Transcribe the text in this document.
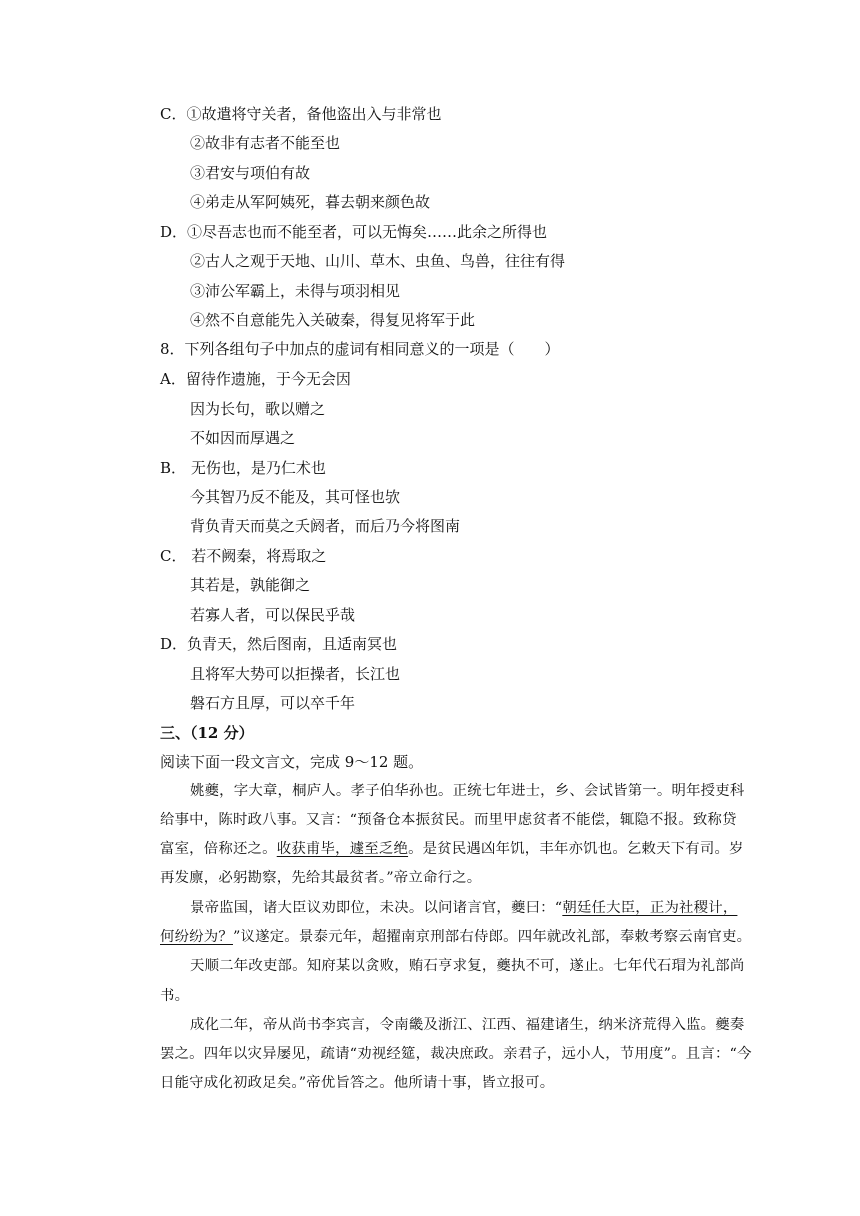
C．①故遣将守关者，备他盗出入与非常也
②故非有志者不能至也
③君安与项伯有故
④弟走从军阿姨死，暮去朝来颜色故
D．①尽吾志也而不能至者，可以无悔矣……此余之所得也
②古人之观于天地、山川、草木、虫鱼、鸟兽，往往有得
③沛公军霸上，未得与项羽相见
④然不自意能先入关破秦，得复见将军于此
8．下列各组句子中加点的虚词有相同意义的一项是（　　）
A．留待作遗施，于今无会因
因为长句，歌以赠之
不如因而厚遇之
B． 无伤也，是乃仁术也
今其智乃反不能及，其可怪也欤
背负青天而莫之夭阏者，而后乃今将图南
C． 若不阙秦，将焉取之
其若是，孰能御之
若寡人者，可以保民乎哉
D．负青天，然后图南，且适南冥也
且将军大势可以拒操者，长江也
磐石方且厚，可以卒千年
三、（12 分）
阅读下面一段文言文，完成 9～12 题。
姚夔，字大章，桐庐人。孝子伯华孙也。正统七年进士，乡、会试皆第一。明年授吏科
给事中，陈时政八事。又言：“预备仓本振贫民。而里甲虑贫者不能偿，辄隐不报。致称贷
富室，倍称还之。收获甫毕，遽至乏绝。是贫民遇凶年饥，丰年亦饥也。乞敕天下有司。岁
再发廪，必躬勘察，先给其最贫者。”帝立命行之。
景帝监国，诸大臣议劝即位，未决。以问诸言官，夔曰：“朝廷任大臣，正为社稷计，
何纷纷为？”议遂定。景泰元年，超擢南京刑部右侍郎。四年就改礼部，奉敕考察云南官吏。
天顺二年改吏部。知府某以贪败，贿石亨求复，夔执不可，遂止。七年代石瑁为礼部尚
书。
成化二年，帝从尚书李宾言，令南畿及浙江、江西、福建诸生，纳米济荒得入监。夔奏
罢之。四年以灾异屡见，疏请“劝视经筵，裁决庶政。亲君子，远小人，节用度”。且言：“今
日能守成化初政足矣。”帝优旨答之。他所请十事，皆立报可。
